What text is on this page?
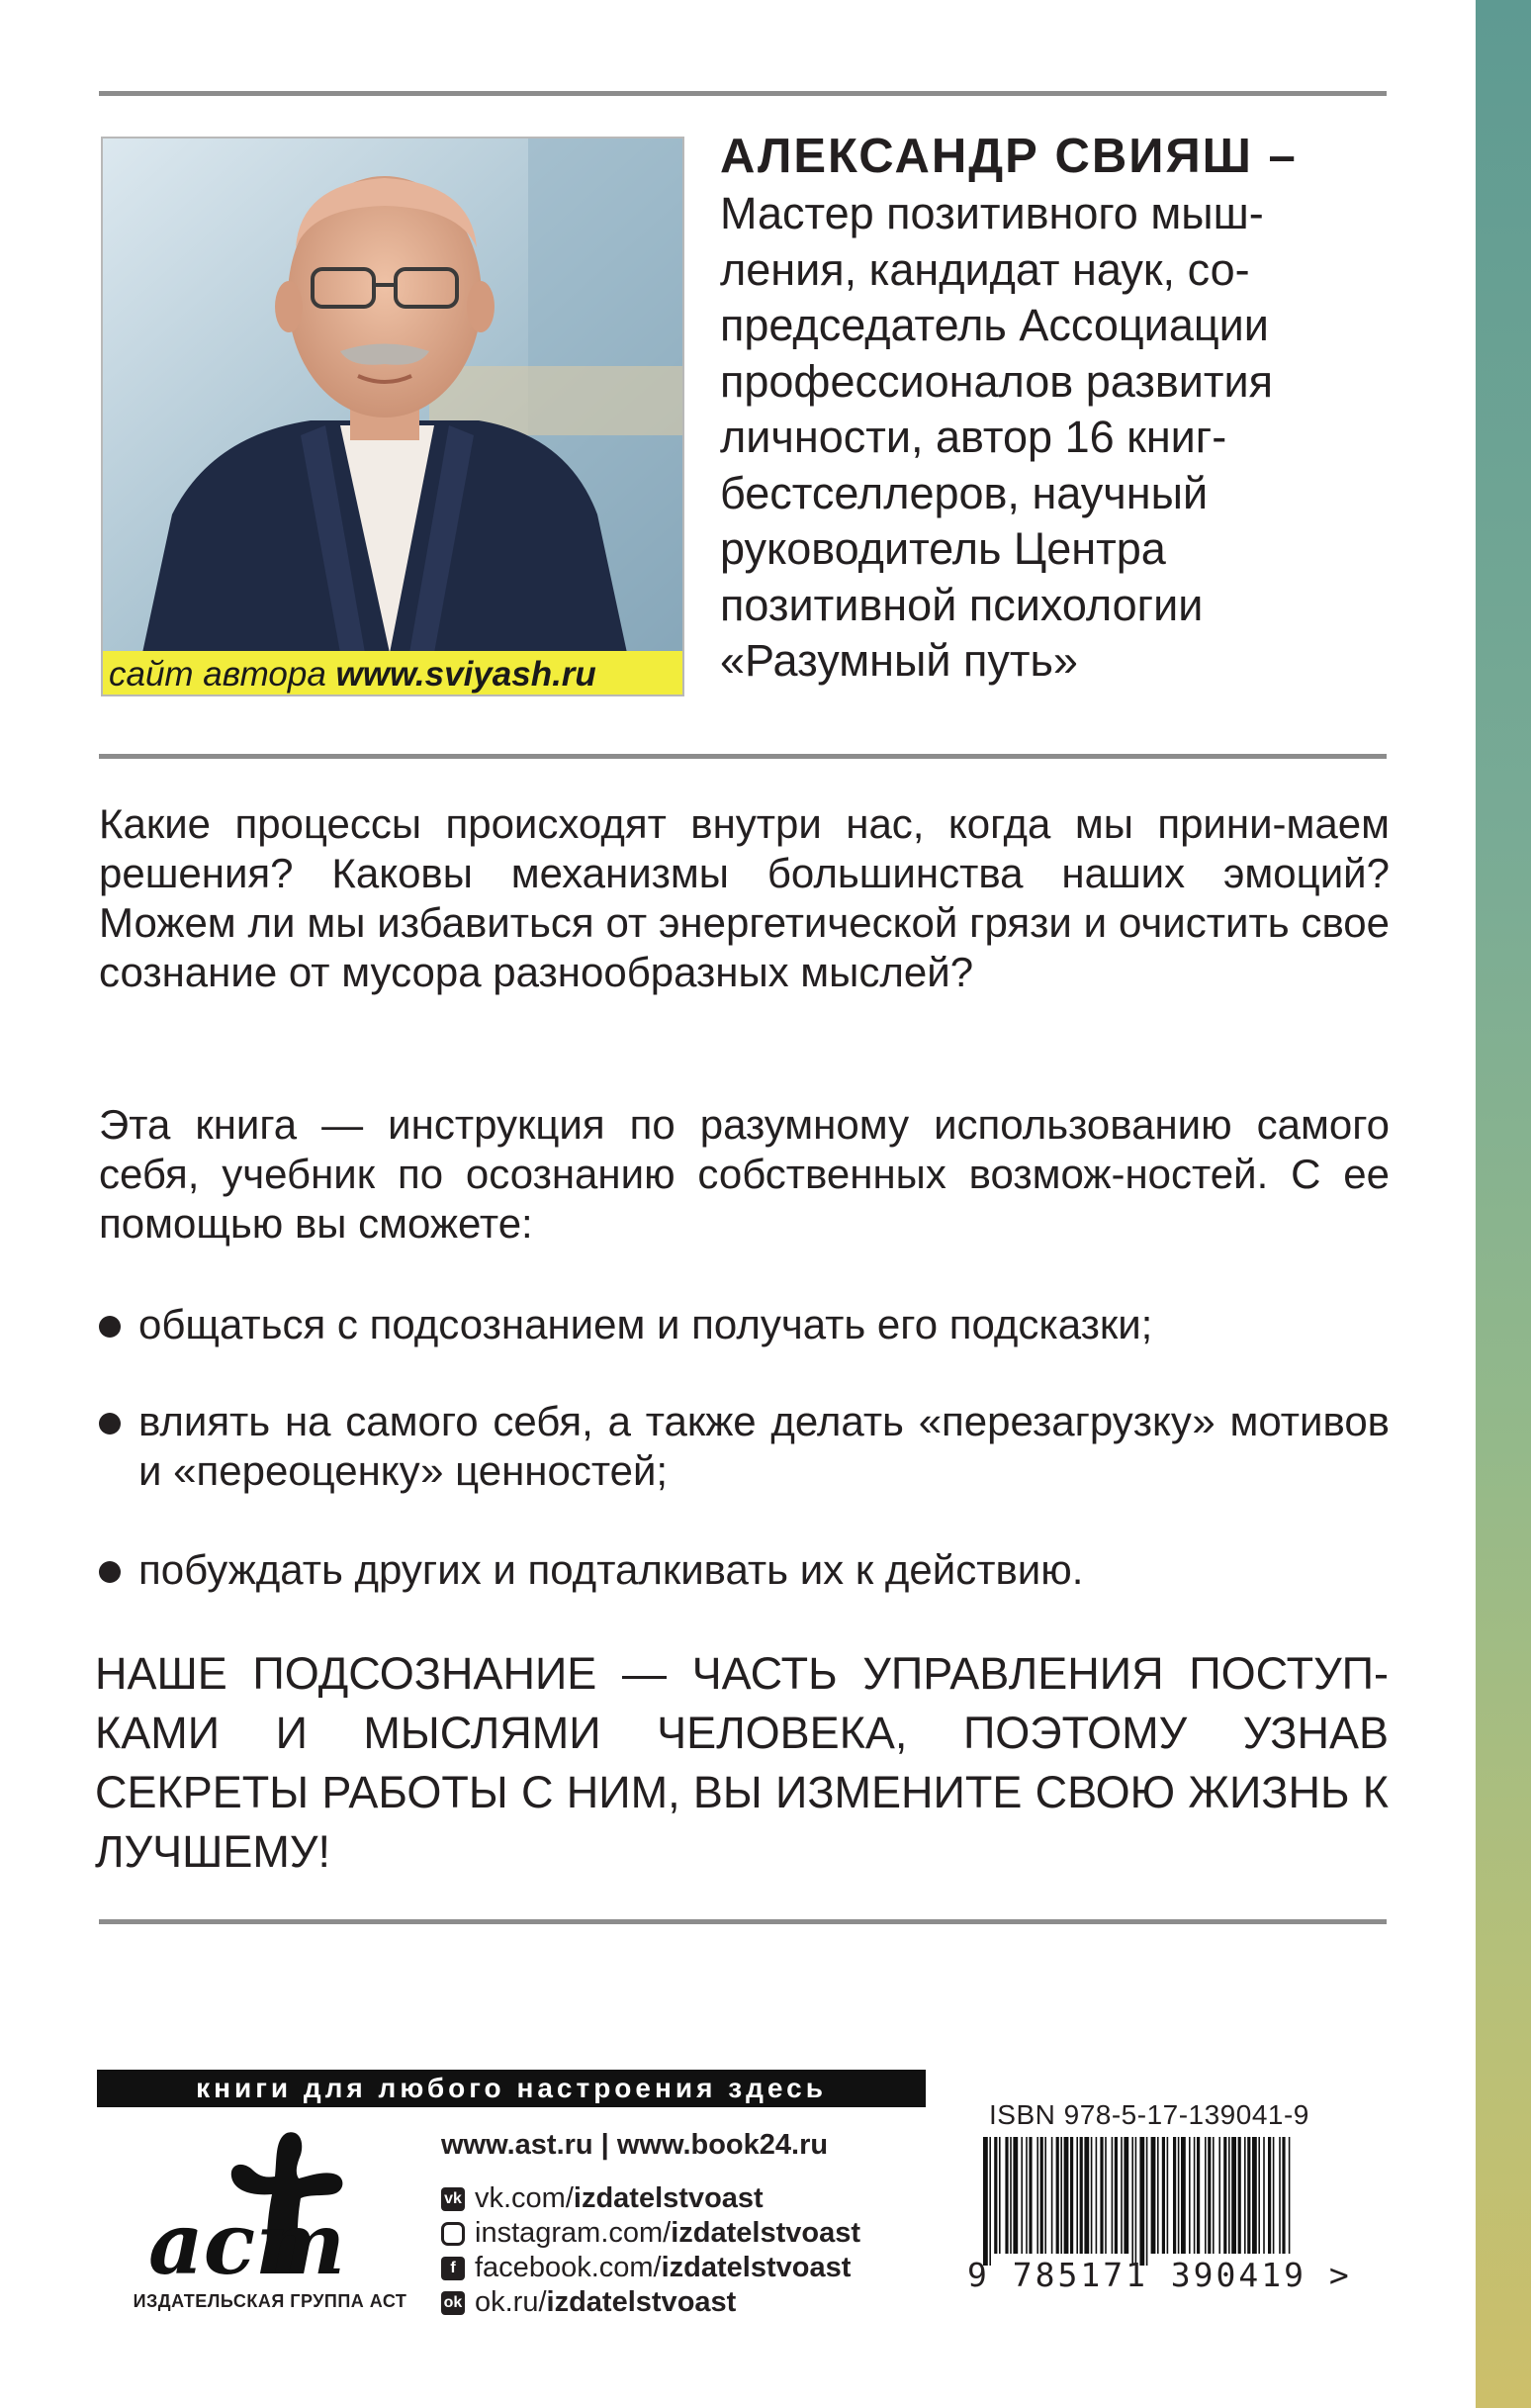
сайт автора www.sviyash.ru
АЛЕКСАНДР СВИЯШ –
Мастер позитивного мыш-
ления, кандидат наук, со-
председатель Ассоциации
профессионалов развития
личности, автор 16 книг-
бестселлеров, научный
руководитель Центра
позитивной психологии
«Разумный путь»

Какие процессы происходят внутри нас, когда мы прини-маем решения? Каковы механизмы большинства наших эмоций? Можем ли мы избавиться от энергетической грязи и очистить свое сознание от мусора разнообразных мыслей?

Эта книга — инструкция по разумному использованию самого себя, учебник по осознанию собственных возмож-ностей. С ее помощью вы сможете:

общаться с подсознанием и получать его подсказки;
влиять на самого себя, а также делать «перезагрузку» мотивов и «переоценку» ценностей;
побуждать других и подталкивать их к действию.

НАШЕ ПОДСОЗНАНИЕ — ЧАСТЬ УПРАВЛЕНИЯ ПОСТУП-КАМИ И МЫСЛЯМИ ЧЕЛОВЕКА, ПОЭТОМУ УЗНАВ СЕКРЕТЫ РАБОТЫ С НИМ, ВЫ ИЗМЕНИТЕ СВОЮ ЖИЗНЬ К ЛУЧШЕМУ!

книги для любого настроения здесь
аст
ИЗДАТЕЛЬСКАЯ ГРУППА АСТ
www.ast.ru | www.book24.ru
vk vk.com/ izdatelstvoast
instagram.com/ izdatelstvoast
f facebook.com/ izdatelstvoast
ok ok.ru/ izdatelstvoast
ISBN 978-5-17-139041-9
9 785171 390419 >
